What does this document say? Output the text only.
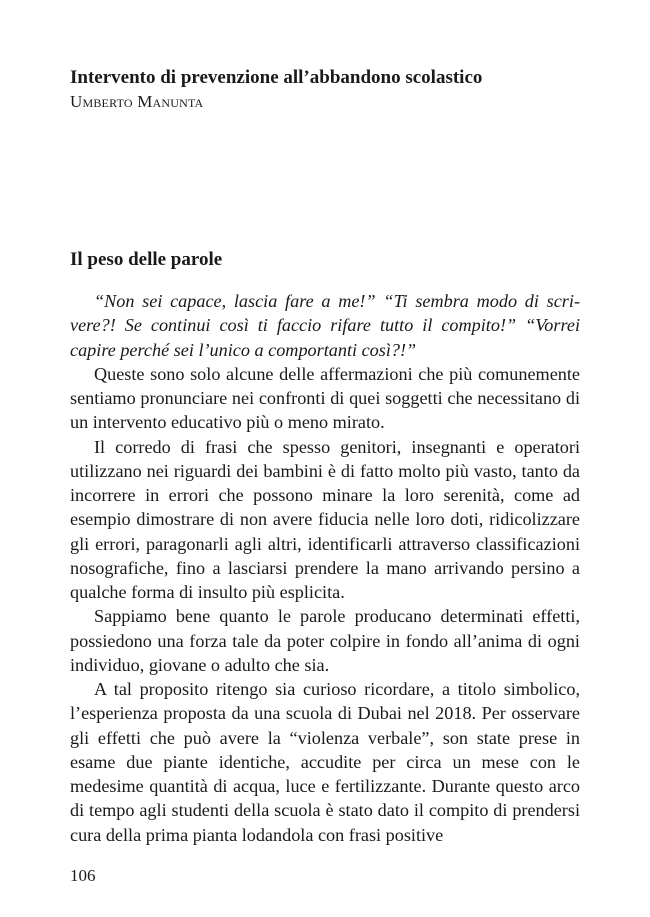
Intervento di prevenzione all’abbandono scolastico

Umberto Manunta

Il peso delle parole

“Non sei capace, lascia fare a me!” “Ti sembra modo di scrivere?! Se continui così ti faccio rifare tutto il compito!” “Vorrei capire perché sei l’unico a comportanti così?!”

Queste sono solo alcune delle affermazioni che più comunemente sentiamo pronunciare nei confronti di quei soggetti che necessitano di un intervento educativo più o meno mirato.

Il corredo di frasi che spesso genitori, insegnanti e operatori utilizzano nei riguardi dei bambini è di fatto molto più vasto, tanto da incorrere in errori che possono minare la loro serenità, come ad esempio dimostrare di non avere fiducia nelle loro doti, ridicolizzare gli errori, paragonarli agli altri, identificarli attraverso classificazioni nosografiche, fino a lasciarsi prendere la mano arrivando persino a qualche forma di insulto più esplicita.

Sappiamo bene quanto le parole producano determinati effetti, possiedono una forza tale da poter colpire in fondo all’anima di ogni individuo, giovane o adulto che sia.

A tal proposito ritengo sia curioso ricordare, a titolo simbolico, l’esperienza proposta da una scuola di Dubai nel 2018. Per osservare gli effetti che può avere la “violenza verbale”, son state prese in esame due piante identiche, accudite per circa un mese con le medesime quantità di acqua, luce e fertilizzante. Durante questo arco di tempo agli studenti della scuola è stato dato il compito di prendersi cura della prima pianta lodandola con frasi positive

106
